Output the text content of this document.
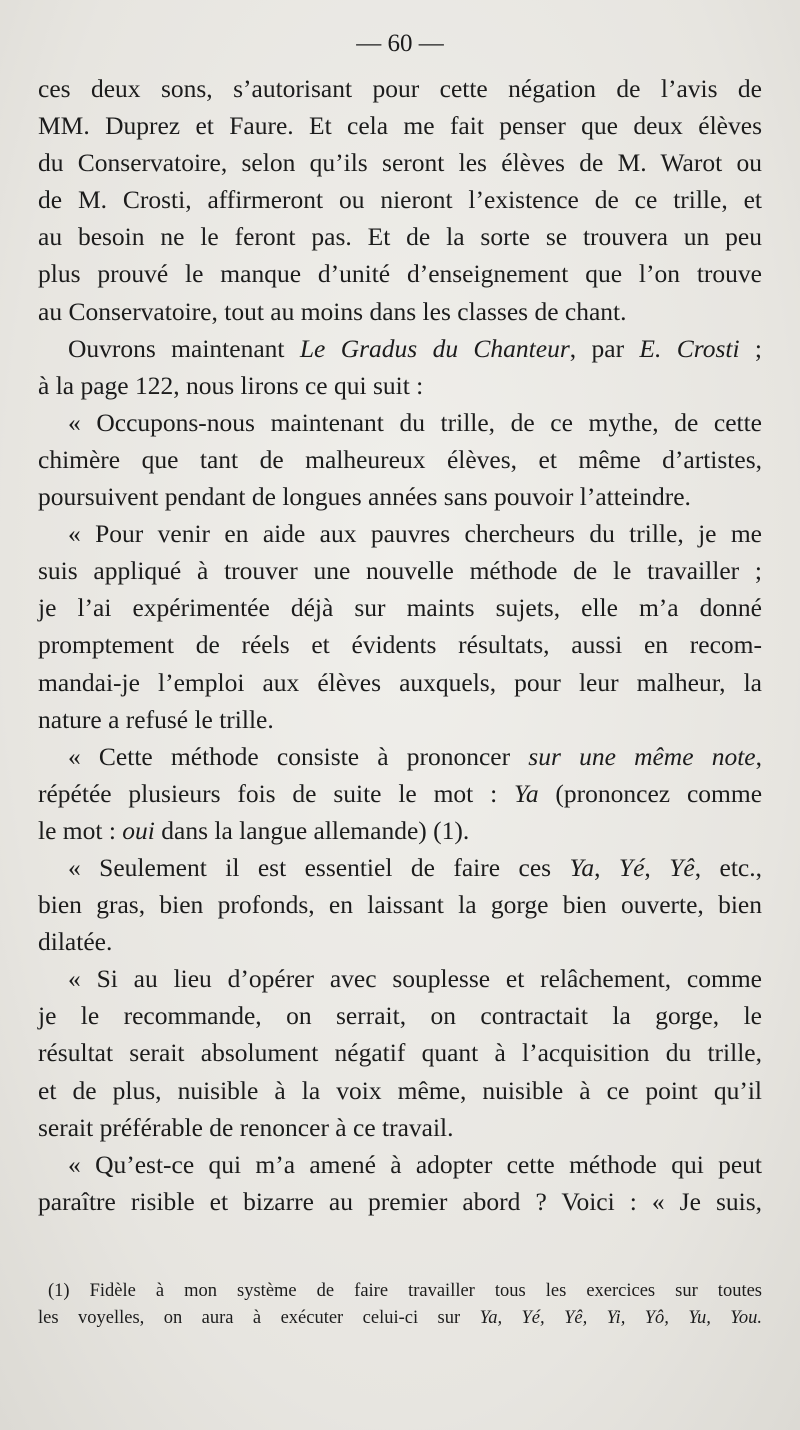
— 60 —
ces deux sons, s’autorisant pour cette négation de l’avis de
MM. Duprez et Faure. Et cela me fait penser que deux élèves
du Conservatoire, selon qu’ils seront les élèves de M. Warot ou
de M. Crosti, affirmeront ou nieront l’existence de ce trille, et
au besoin ne le feront pas. Et de la sorte se trouvera un peu
plus prouvé le manque d’unité d’enseignement que l’on trouve
au Conservatoire, tout au moins dans les classes de chant.
Ouvrons maintenant Le Gradus du Chanteur, par E. Crosti ;
à la page 122, nous lirons ce qui suit :
« Occupons-nous maintenant du trille, de ce mythe, de cette
chimère que tant de malheureux élèves, et même d’artistes,
poursuivent pendant de longues années sans pouvoir l’atteindre.
« Pour venir en aide aux pauvres chercheurs du trille, je me
suis appliqué à trouver une nouvelle méthode de le travailler ;
je l’ai expérimentée déjà sur maints sujets, elle m’a donné
promptement de réels et évidents résultats, aussi en recom-
mandai-je l’emploi aux élèves auxquels, pour leur malheur, la
nature a refusé le trille.
« Cette méthode consiste à prononcer sur une même note,
répétée plusieurs fois de suite le mot : Ya (prononcez comme
le mot : oui dans la langue allemande) (1).
« Seulement il est essentiel de faire ces Ya, Yé, Yê, etc.,
bien gras, bien profonds, en laissant la gorge bien ouverte, bien
dilatée.
« Si au lieu d’opérer avec souplesse et relâchement, comme
je le recommande, on serrait, on contractait la gorge, le
résultat serait absolument négatif quant à l’acquisition du trille,
et de plus, nuisible à la voix même, nuisible à ce point qu’il
serait préférable de renoncer à ce travail.
« Qu’est-ce qui m’a amené à adopter cette méthode qui peut
paraître risible et bizarre au premier abord ? Voici : « Je suis,
(1) Fidèle à mon système de faire travailler tous les exercices sur toutes
les voyelles, on aura à exécuter celui-ci sur Ya, Yé, Yê, Yi, Yô, Yu, You.
